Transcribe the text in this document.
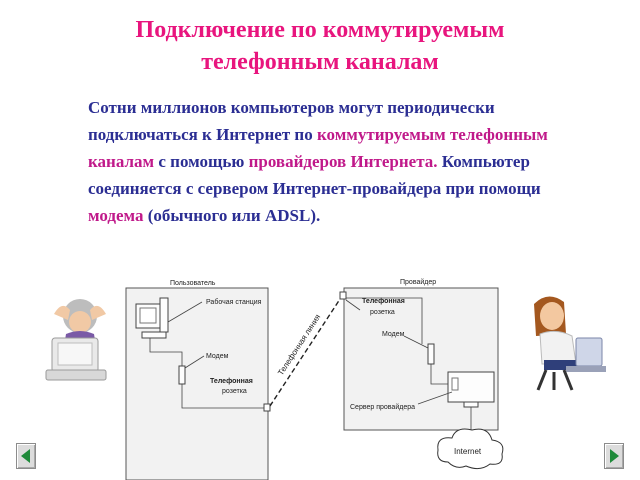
Подключение по коммутируемым
телефонным каналам
Сотни миллионов компьютеров могут периодически подключаться к Интернет по коммутируемым телефонным каналам с помощью провайдеров Интернета. Компьютер соединяется с сервером Интернет-провайдера при помощи модема (обычного или ADSL).
Пользователь	Провайдер
Рабочая станция
Модем
Телефонная
розетка
Телефонная линия
Телефонная
розетка
Модем
Сервер провайдера
Internet
